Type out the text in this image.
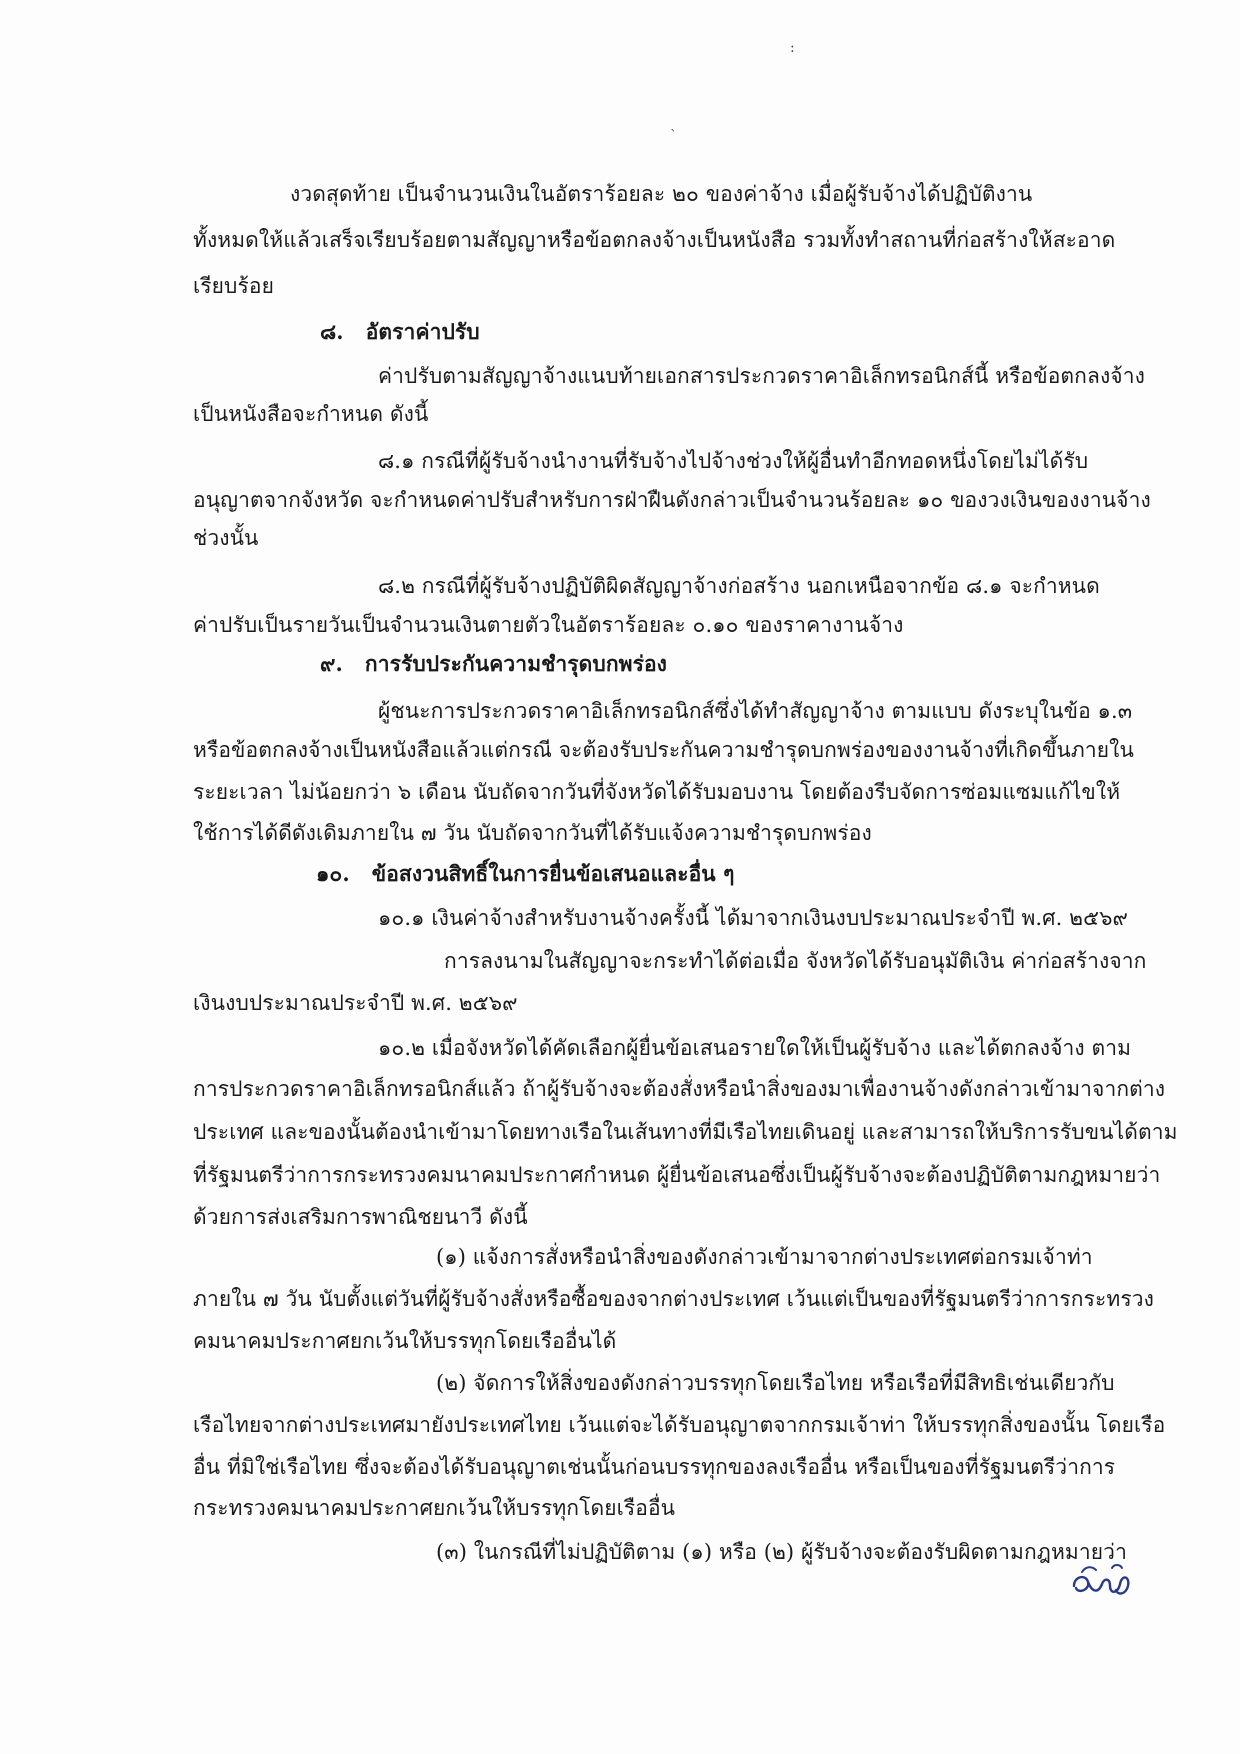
:
`
งวดสุดท้าย เป็นจำนวนเงินในอัตราร้อยละ ๒๐ ของค่าจ้าง เมื่อผู้รับจ้างได้ปฏิบัติงาน
ทั้งหมดให้แล้วเสร็จเรียบร้อยตามสัญญาหรือข้อตกลงจ้างเป็นหนังสือ รวมทั้งทำสถานที่ก่อสร้างให้สะอาด
เรียบร้อย
๘. อัตราค่าปรับ
ค่าปรับตามสัญญาจ้างแนบท้ายเอกสารประกวดราคาอิเล็กทรอนิกส์นี้ หรือข้อตกลงจ้าง
เป็นหนังสือจะกำหนด ดังนี้
๘.๑ กรณีที่ผู้รับจ้างนำงานที่รับจ้างไปจ้างช่วงให้ผู้อื่นทำอีกทอดหนึ่งโดยไม่ได้รับ
อนุญาตจากจังหวัด จะกำหนดค่าปรับสำหรับการฝ่าฝืนดังกล่าวเป็นจำนวนร้อยละ ๑๐ ของวงเงินของงานจ้าง
ช่วงนั้น
๘.๒ กรณีที่ผู้รับจ้างปฏิบัติผิดสัญญาจ้างก่อสร้าง นอกเหนือจากข้อ ๘.๑ จะกำหนด
ค่าปรับเป็นรายวันเป็นจำนวนเงินตายตัวในอัตราร้อยละ ๐.๑๐ ของราคางานจ้าง
๙. การรับประกันความชำรุดบกพร่อง
ผู้ชนะการประกวดราคาอิเล็กทรอนิกส์ซึ่งได้ทำสัญญาจ้าง ตามแบบ ดังระบุในข้อ ๑.๓
หรือข้อตกลงจ้างเป็นหนังสือแล้วแต่กรณี จะต้องรับประกันความชำรุดบกพร่องของงานจ้างที่เกิดขึ้นภายใน
ระยะเวลา ไม่น้อยกว่า ๖ เดือน นับถัดจากวันที่จังหวัดได้รับมอบงาน โดยต้องรีบจัดการซ่อมแซมแก้ไขให้
ใช้การได้ดีดังเดิมภายใน ๗ วัน นับถัดจากวันที่ได้รับแจ้งความชำรุดบกพร่อง
๑๐. ข้อสงวนสิทธิ์ในการยื่นข้อเสนอและอื่น ๆ
๑๐.๑ เงินค่าจ้างสำหรับงานจ้างครั้งนี้ ได้มาจากเงินงบประมาณประจำปี พ.ศ. ๒๕๖๙
การลงนามในสัญญาจะกระทำได้ต่อเมื่อ จังหวัดได้รับอนุมัติเงิน ค่าก่อสร้างจาก
เงินงบประมาณประจำปี พ.ศ. ๒๕๖๙
๑๐.๒ เมื่อจังหวัดได้คัดเลือกผู้ยื่นข้อเสนอรายใดให้เป็นผู้รับจ้าง และได้ตกลงจ้าง ตาม
การประกวดราคาอิเล็กทรอนิกส์แล้ว ถ้าผู้รับจ้างจะต้องสั่งหรือนำสิ่งของมาเพื่องานจ้างดังกล่าวเข้ามาจากต่าง
ประเทศ และของนั้นต้องนำเข้ามาโดยทางเรือในเส้นทางที่มีเรือไทยเดินอยู่ และสามารถให้บริการรับขนได้ตาม
ที่รัฐมนตรีว่าการกระทรวงคมนาคมประกาศกำหนด ผู้ยื่นข้อเสนอซึ่งเป็นผู้รับจ้างจะต้องปฏิบัติตามกฎหมายว่า
ด้วยการส่งเสริมการพาณิชยนาวี ดังนี้
(๑) แจ้งการสั่งหรือนำสิ่งของดังกล่าวเข้ามาจากต่างประเทศต่อกรมเจ้าท่า
ภายใน ๗ วัน นับตั้งแต่วันที่ผู้รับจ้างสั่งหรือซื้อของจากต่างประเทศ เว้นแต่เป็นของที่รัฐมนตรีว่าการกระทรวง
คมนาคมประกาศยกเว้นให้บรรทุกโดยเรืออื่นได้
(๒) จัดการให้สิ่งของดังกล่าวบรรทุกโดยเรือไทย หรือเรือที่มีสิทธิเช่นเดียวกับ
เรือไทยจากต่างประเทศมายังประเทศไทย เว้นแต่จะได้รับอนุญาตจากกรมเจ้าท่า ให้บรรทุกสิ่งของนั้น โดยเรือ
อื่น ที่มิใช่เรือไทย ซึ่งจะต้องได้รับอนุญาตเช่นนั้นก่อนบรรทุกของลงเรืออื่น หรือเป็นของที่รัฐมนตรีว่าการ
กระทรวงคมนาคมประกาศยกเว้นให้บรรทุกโดยเรืออื่น
(๓) ในกรณีที่ไม่ปฏิบัติตาม (๑) หรือ (๒) ผู้รับจ้างจะต้องรับผิดตามกฎหมายว่า
